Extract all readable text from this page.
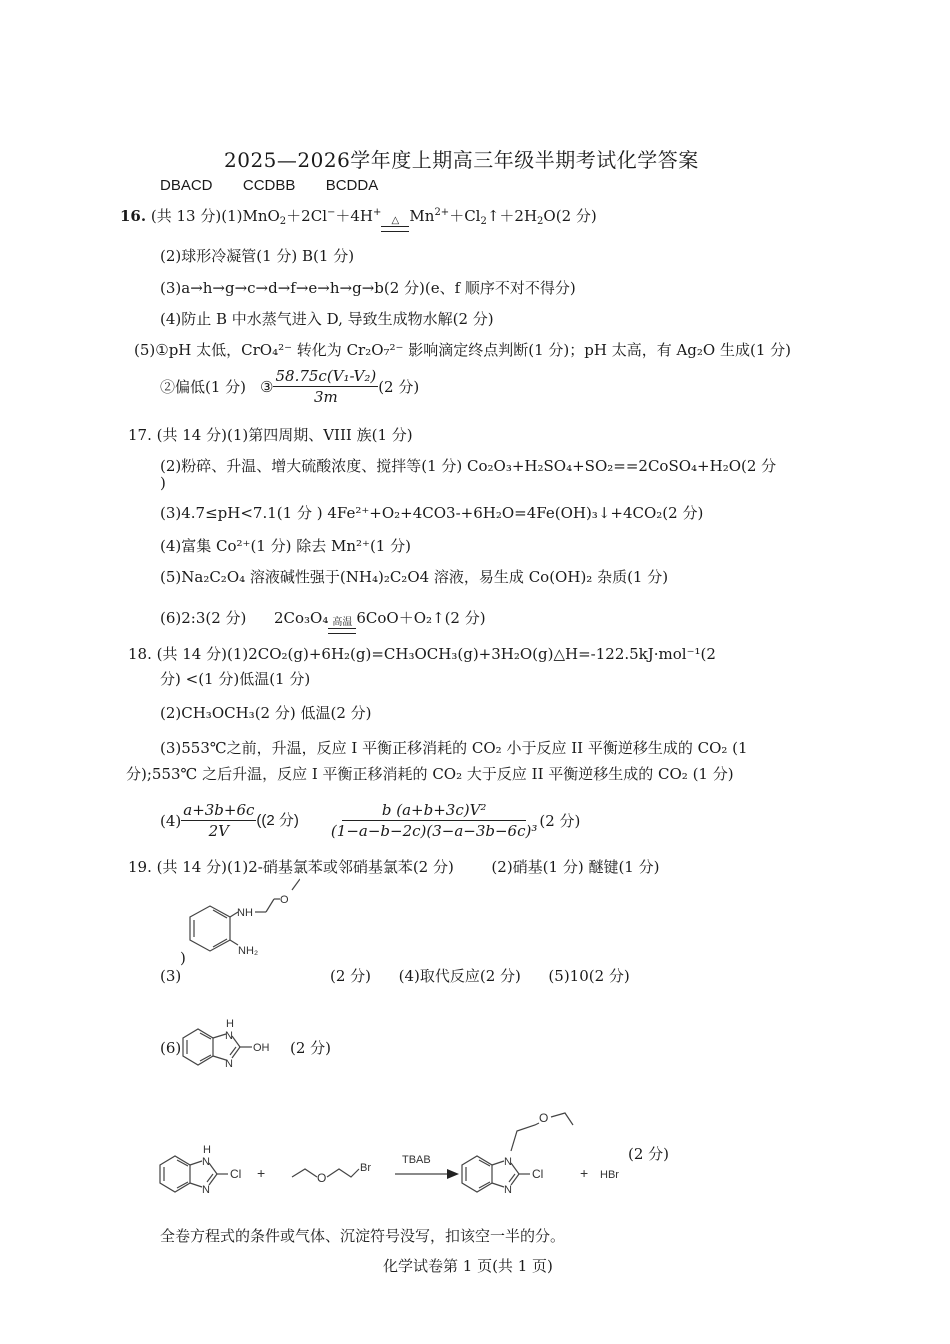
2025—2026学年度上期高三年级半期考试化学答案
DBACD CCDBB BCDDA
16. (共 13 分)(1)MnO$_2$＋2Cl−＋4H+
△ $Mn^{2+}+Cl_2↑+2H_2O(2$ 分)
(2)球形冷凝管(1 分) B(1 分)
(3)a→h→g→c→d→f→e→h→g→b(2 分)(e、f 顺序不对不得分)
(4)防止 B 中水蒸气进入 D, 导致生成物水解(2 分)
(5)①pH 太低，CrO₄²⁻ 转化为 Cr₂O₇²⁻ 影响滴定终点判断(1 分)；pH 太高，有 Ag₂O 生成(1 分)
②偏低(1 分) ③ $\frac{\text{58.75c(V₁-V₂)}}{3m} (2$ 分)
17. (共 14 分)(1)第四周期、VIII 族(1 分)
(2)粉碎、升温、增大硫酸浓度、搅拌等(1 分) Co₂O₃+H₂SO₄+SO₂==2CoSO₄+H₂O(2 分
)
(3)4.7≤pH<7.1(1 分 ) 4Fe²⁺+O₂+4CO3-+6H₂O=4Fe(OH)₃↓+4CO₂(2 分)
(4)富集 Co²⁺(1 分) 除去 Mn²⁺(1 分)
(5)Na₂C₂O₄ 溶液碱性强于(NH₄)₂C₂O4 溶液，易生成 Co(OH)₂ 杂质(1 分)
(6)2:3(2 分) 2Co₃O₄ 高温 6CoO＋O₂↑(2 分)
18. (共 14 分)(1)2CO₂(g)+6H₂(g)=CH₃OCH₃(g)+3H₂O(g)△H=-122.5kJ·mol⁻¹(2
分) <(1 分)低温(1 分)
(2)CH₃OCH₃(2 分) 低温(2 分)
(3)553℃之前，升温，反应 I 平衡正移消耗的 CO₂ 小于反应 II 平衡逆移生成的 CO₂ (1
分);553℃ 之后升温，反应 I 平衡正移消耗的 CO₂ 大于反应 II 平衡逆移生成的 CO₂ (1 分)
$(4) \frac{a+3b+6c}{2V} ((2$ 分) $\frac{\text{b (a+b+3c)V²}}{\text{(1−a−b−2c)(3−a−3b−6c)³}} (2$ 分)
19. (共 14 分)(1)2-硝基氯苯或邻硝基氯苯(2 分)	(2)硝基(1 分) 醚键(1 分)
NH
NH₂
O
)
(3)	(2 分) (4)取代反应(2 分) (5)10(2 分)
(6)
H
N
N
OH (2 分)
H
N
N
Cl +	O
Br
TBAB	N
N
Cl
O
+ HBr
(2 分)
全卷方程式的条件或气体、沉淀符号没写，扣该空一半的分。
化学试卷第 1 页(共 1 页)
